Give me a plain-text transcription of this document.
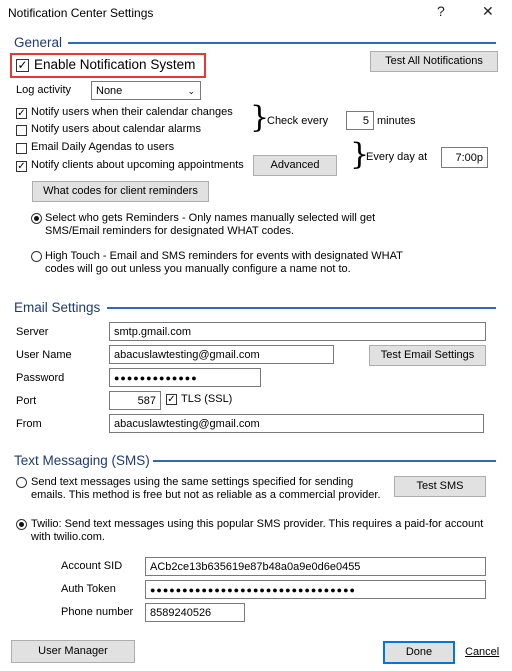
Notification Center Settings	?	✕
General
✓ Enable Notification System	Test All Notifications
Log activity	None	⌄
✓ Notify users when their calendar changes
Notify users about calendar alarms
Email Daily Agendas to users
✓ Notify clients about upcoming appointments
}
Check every	5 minutes
Advanced	}
Every day at	7:00p
What codes for client reminders
Select who gets Reminders - Only names manually selected will get SMS/Email reminders for designated WHAT codes.
High Touch - Email and SMS reminders for events with designated WHAT codes will go out unless you manually configure a name not to.
Email Settings
Server	smtp.gmail.com
User Name	abacuslawtesting@gmail.com	Test Email Settings
Password	●●●●●●●●●●●●●
Port	587	✓ TLS (SSL)
From	abacuslawtesting@gmail.com
Text Messaging (SMS)
Send text messages using the same settings specified for sending emails. This method is free but not as reliable as a commercial provider.
Test SMS
Twilio: Send text messages using this popular SMS provider. This requires a paid-for account with twilio.com.
Account SID	ACb2ce13b635619e87b48a0a9e0d6e0455
Auth Token	●●●●●●●●●●●●●●●●●●●●●●●●●●●●●●●●
Phone number	8589240526
User Manager	Done	Cancel
